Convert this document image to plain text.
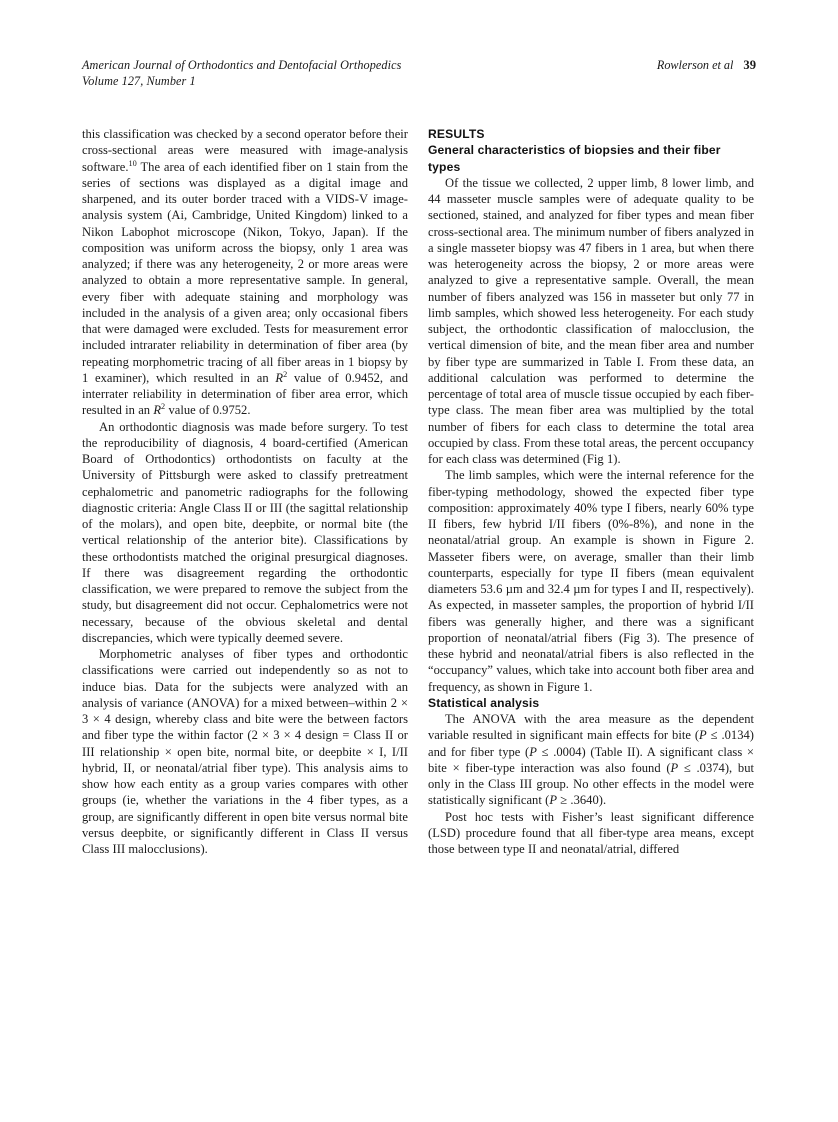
American Journal of Orthodontics and Dentofacial Orthopedics
Volume 127, Number 1
Rowlerson et al 39

this classification was checked by a second operator before their cross-sectional areas were measured with image-analysis software.$^{10}$ The area of each identified fiber on 1 stain from the series of sections was displayed as a digital image and sharpened, and its outer border traced with a VIDS-V image-analysis system (Ai, Cambridge, United Kingdom) linked to a Nikon Labophot microscope (Nikon, Tokyo, Japan). If the composition was uniform across the biopsy, only 1 area was analyzed; if there was any heterogeneity, 2 or more areas were analyzed to obtain a more representative sample. In general, every fiber with adequate staining and morphology was included in the analysis of a given area; only occasional fibers that were damaged were excluded. Tests for measurement error included intrarater reliability in determination of fiber area (by repeating morphometric tracing of all fiber areas in 1 biopsy by 1 examiner), which resulted in an $R^2$ value of 0.9452, and interrater reliability in determination of fiber area error, which resulted in an $R^2$ value of 0.9752.

An orthodontic diagnosis was made before surgery. To test the reproducibility of diagnosis, 4 board-certified (American Board of Orthodontics) orthodontists on faculty at the University of Pittsburgh were asked to classify pretreatment cephalometric and panometric radiographs for the following diagnostic criteria: Angle Class II or III (the sagittal relationship of the molars), and open bite, deepbite, or normal bite (the vertical relationship of the anterior bite). Classifications by these orthodontists matched the original presurgical diagnoses. If there was disagreement regarding the orthodontic classification, we were prepared to remove the subject from the study, but disagreement did not occur. Cephalometrics were not necessary, because of the obvious skeletal and dental discrepancies, which were typically deemed severe.

Morphometric analyses of fiber types and orthodontic classifications were carried out independently so as not to induce bias. Data for the subjects were analyzed with an analysis of variance (ANOVA) for a mixed between–within 2 × 3 × 4 design, whereby class and bite were the between factors and fiber type the within factor (2 × 3 × 4 design = Class II or III relationship × open bite, normal bite, or deepbite × I, I/II hybrid, II, or neonatal/atrial fiber type). This analysis aims to show how each entity as a group varies compares with other groups (ie, whether the variations in the 4 fiber types, as a group, are significantly different in open bite versus normal bite versus deepbite, or significantly different in Class II versus Class III malocclusions).

RESULTS
General characteristics of biopsies and their fiber types

Of the tissue we collected, 2 upper limb, 8 lower limb, and 44 masseter muscle samples were of adequate quality to be sectioned, stained, and analyzed for fiber types and mean fiber cross-sectional area. The minimum number of fibers analyzed in a single masseter biopsy was 47 fibers in 1 area, but when there was heterogeneity across the biopsy, 2 or more areas were analyzed to give a representative sample. Overall, the mean number of fibers analyzed was 156 in masseter but only 77 in limb samples, which showed less heterogeneity. For each study subject, the orthodontic classification of malocclusion, the vertical dimension of bite, and the mean fiber area and number by fiber type are summarized in Table I. From these data, an additional calculation was performed to determine the percentage of total area of muscle tissue occupied by each fiber-type class. The mean fiber area was multiplied by the total number of fibers for each class to determine the total area occupied by class. From these total areas, the percent occupancy for each class was determined (Fig 1).

The limb samples, which were the internal reference for the fiber-typing methodology, showed the expected fiber type composition: approximately 40% type I fibers, nearly 60% type II fibers, few hybrid I/II fibers (0%-8%), and none in the neonatal/atrial group. An example is shown in Figure 2. Masseter fibers were, on average, smaller than their limb counterparts, especially for type II fibers (mean equivalent diameters 53.6 µm and 32.4 µm for types I and II, respectively). As expected, in masseter samples, the proportion of hybrid I/II fibers was generally higher, and there was a significant proportion of neonatal/atrial fibers (Fig 3). The presence of these hybrid and neonatal/atrial fibers is also reflected in the “occupancy” values, which take into account both fiber area and frequency, as shown in Figure 1.

Statistical analysis

The ANOVA with the area measure as the dependent variable resulted in significant main effects for bite (P ≤ .0134) and for fiber type (P ≤ .0004) (Table II). A significant class × bite × fiber-type interaction was also found (P ≤ .0374), but only in the Class III group. No other effects in the model were statistically significant (P ≥ .3640).

Post hoc tests with Fisher’s least significant difference (LSD) procedure found that all fiber-type area means, except those between type II and neonatal/atrial, differed
